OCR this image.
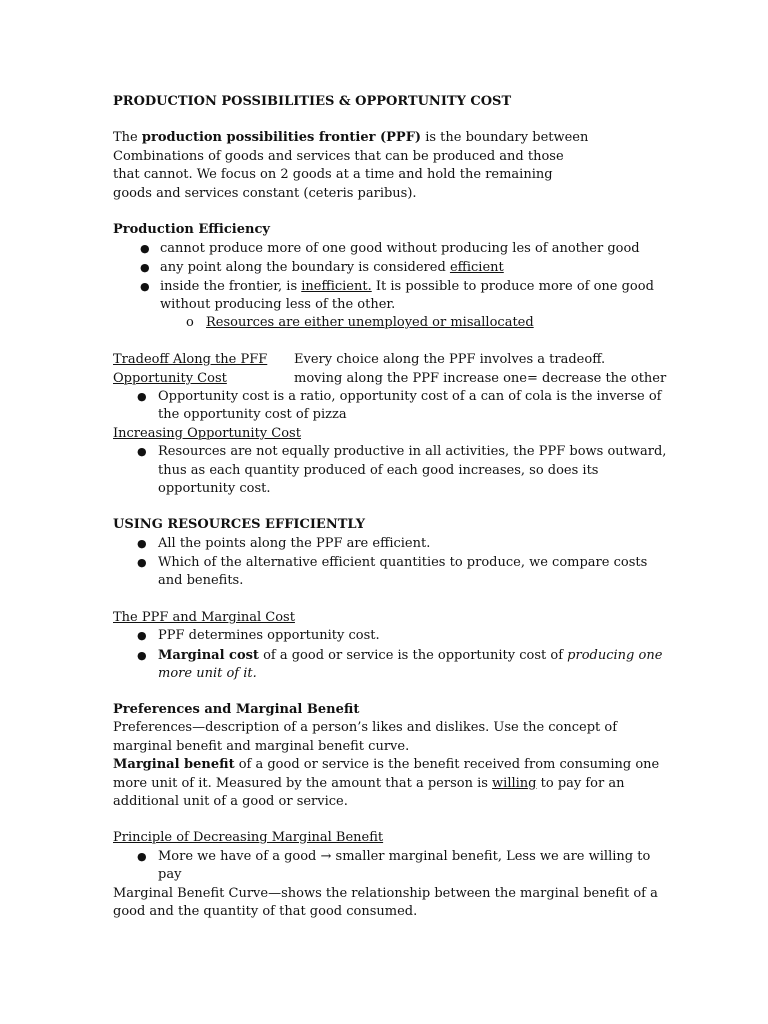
PRODUCTION POSSIBILITIES & OPPORTUNITY COST
The production possibilities frontier (PPF) is the boundary between
Combinations of goods and services that can be produced and those
that cannot. We focus on 2 goods at a time and hold the remaining
goods and services constant (ceteris paribus).
Production Efficiency
● cannot produce more of one good without producing les of another good
● any point along the boundary is considered efficient
● inside the frontier, is inefficient. It is possible to produce more of one good
without producing less of the other.
o Resources are either unemployed or misallocated
Tradeoff Along the PFF Every choice along the PPF involves a tradeoff.
Opportunity Cost	moving along the PPF increase one= decrease the other
● Opportunity cost is a ratio, opportunity cost of a can of cola is the inverse of
the opportunity cost of pizza
Increasing Opportunity Cost
● Resources are not equally productive in all activities, the PPF bows outward,
thus as each quantity produced of each good increases, so does its
opportunity cost.
USING RESOURCES EFFICIENTLY
● All the points along the PPF are efficient.
● Which of the alternative efficient quantities to produce, we compare costs
and benefits.
The PPF and Marginal Cost
● PPF determines opportunity cost.
● Marginal cost of a good or service is the opportunity cost of producing one
more unit of it.
Preferences and Marginal Benefit
Preferences—description of a person’s likes and dislikes. Use the concept of
marginal benefit and marginal benefit curve.
Marginal benefit of a good or service is the benefit received from consuming one
more unit of it. Measured by the amount that a person is willing to pay for an
additional unit of a good or service.
Principle of Decreasing Marginal Benefit
● More we have of a good → smaller marginal benefit, Less we are willing to
pay
Marginal Benefit Curve—shows the relationship between the marginal benefit of a
good and the quantity of that good consumed.
